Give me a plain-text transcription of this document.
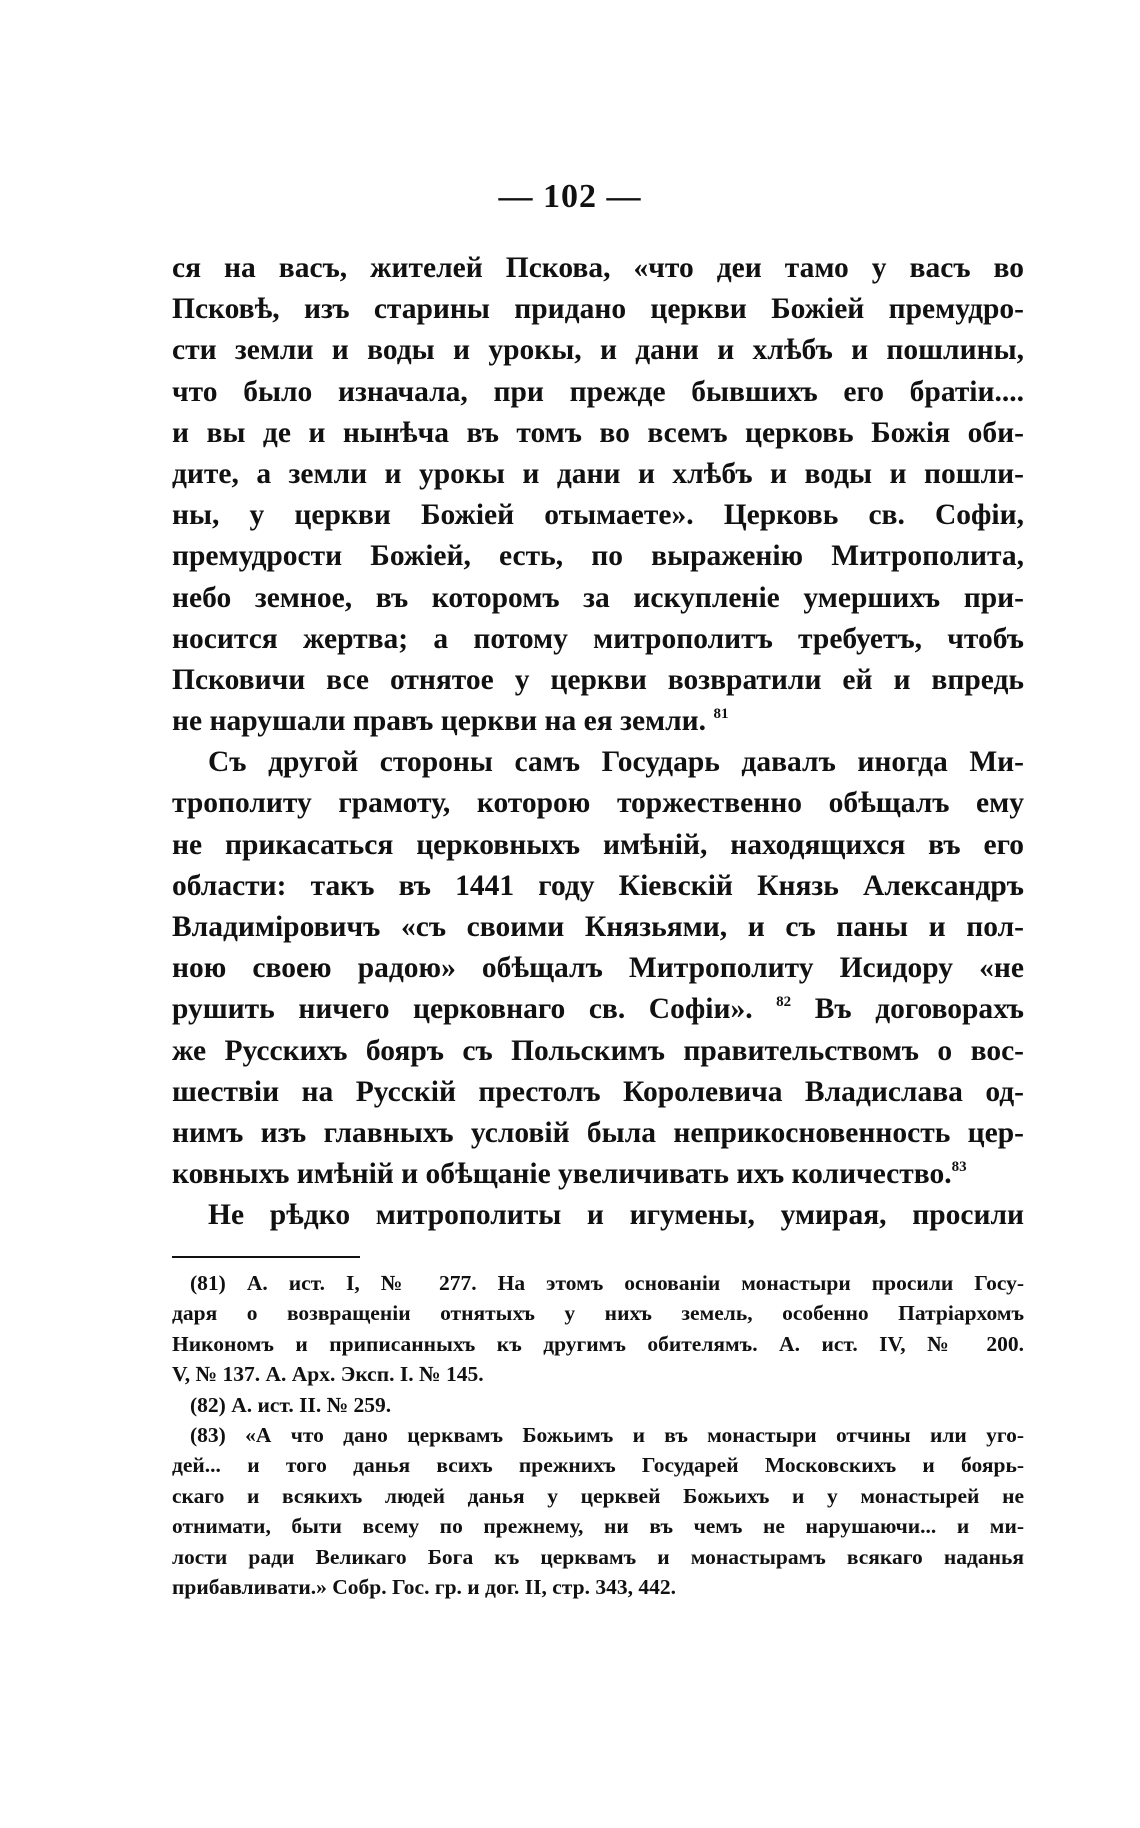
— 102 —
ся на васъ, жителей Пскова, «что деи тамо у васъ во
Псковѣ, изъ старины придано церкви Божіей премудро-
сти земли и воды и урокы, и дани и хлѣбъ и пошлины,
что было изначала, при прежде бывшихъ его братіи....
и вы де и нынѣча въ томъ во всемъ церковь Божія оби-
дите, а земли и урокы и дани и хлѣбъ и воды и пошли-
ны, у церкви Божіей отымаете». Церковь св. Софіи,
премудрости Божіей, есть, по выраженію Митрополита,
небо земное, въ которомъ за искупленіе умершихъ при-
носится жертва; а потому митрополитъ требуетъ, чтобъ
Псковичи все отнятое у церкви возвратили ей и впредь
не нарушали правъ церкви на ея земли. $^{81}$
Съ другой стороны самъ Государь давалъ иногда Ми-
трополиту грамоту, которою торжественно обѣщалъ ему
не прикасаться церковныхъ имѣній, находящихся въ его
области: такъ въ 1441 году Кіевскій Князь Александръ
Владиміровичъ «съ своими Князьями, и съ паны и пол-
ною своею радою» обѣщалъ Митрополиту Исидору «не
рушить ничего церковнаго св. Софіи». $^{82}$ Въ договорахъ
же Русскихъ бояръ съ Польскимъ правительствомъ о вос-
шествіи на Русскій престолъ Королевича Владислава од-
нимъ изъ главныхъ условій была неприкосновенность цер-
ковныхъ имѣній и обѣщаніе увеличивать ихъ количество.$^{83}$
Не рѣдко митрополиты и игумены, умирая, просили
(81) А. ист. I, № 277. На этомъ основаніи монастыри просили Госу-
даря о возвращеніи отнятыхъ у нихъ земель, особенно Патріархомъ
Никономъ и приписанныхъ къ другимъ обителямъ. А. ист. IV, № 200.
V, № 137. А. Арх. Эксп. I. № 145.
(82) А. ист. II. № 259.
(83) «А что дано церквамъ Божьимъ и въ монастыри отчины или уго-
дей... и того данья всихъ прежнихъ Государей Московскихъ и боярь-
скаго и всякихъ людей данья у церквей Божьихъ и у монастырей не
отнимати, быти всему по прежнему, ни въ чемъ не нарушаючи... и ми-
лости ради Великаго Бога къ церквамъ и монастырамъ всякаго наданья
прибавливати.» Собр. Гос. гр. и дог. II, стр. 343, 442.
